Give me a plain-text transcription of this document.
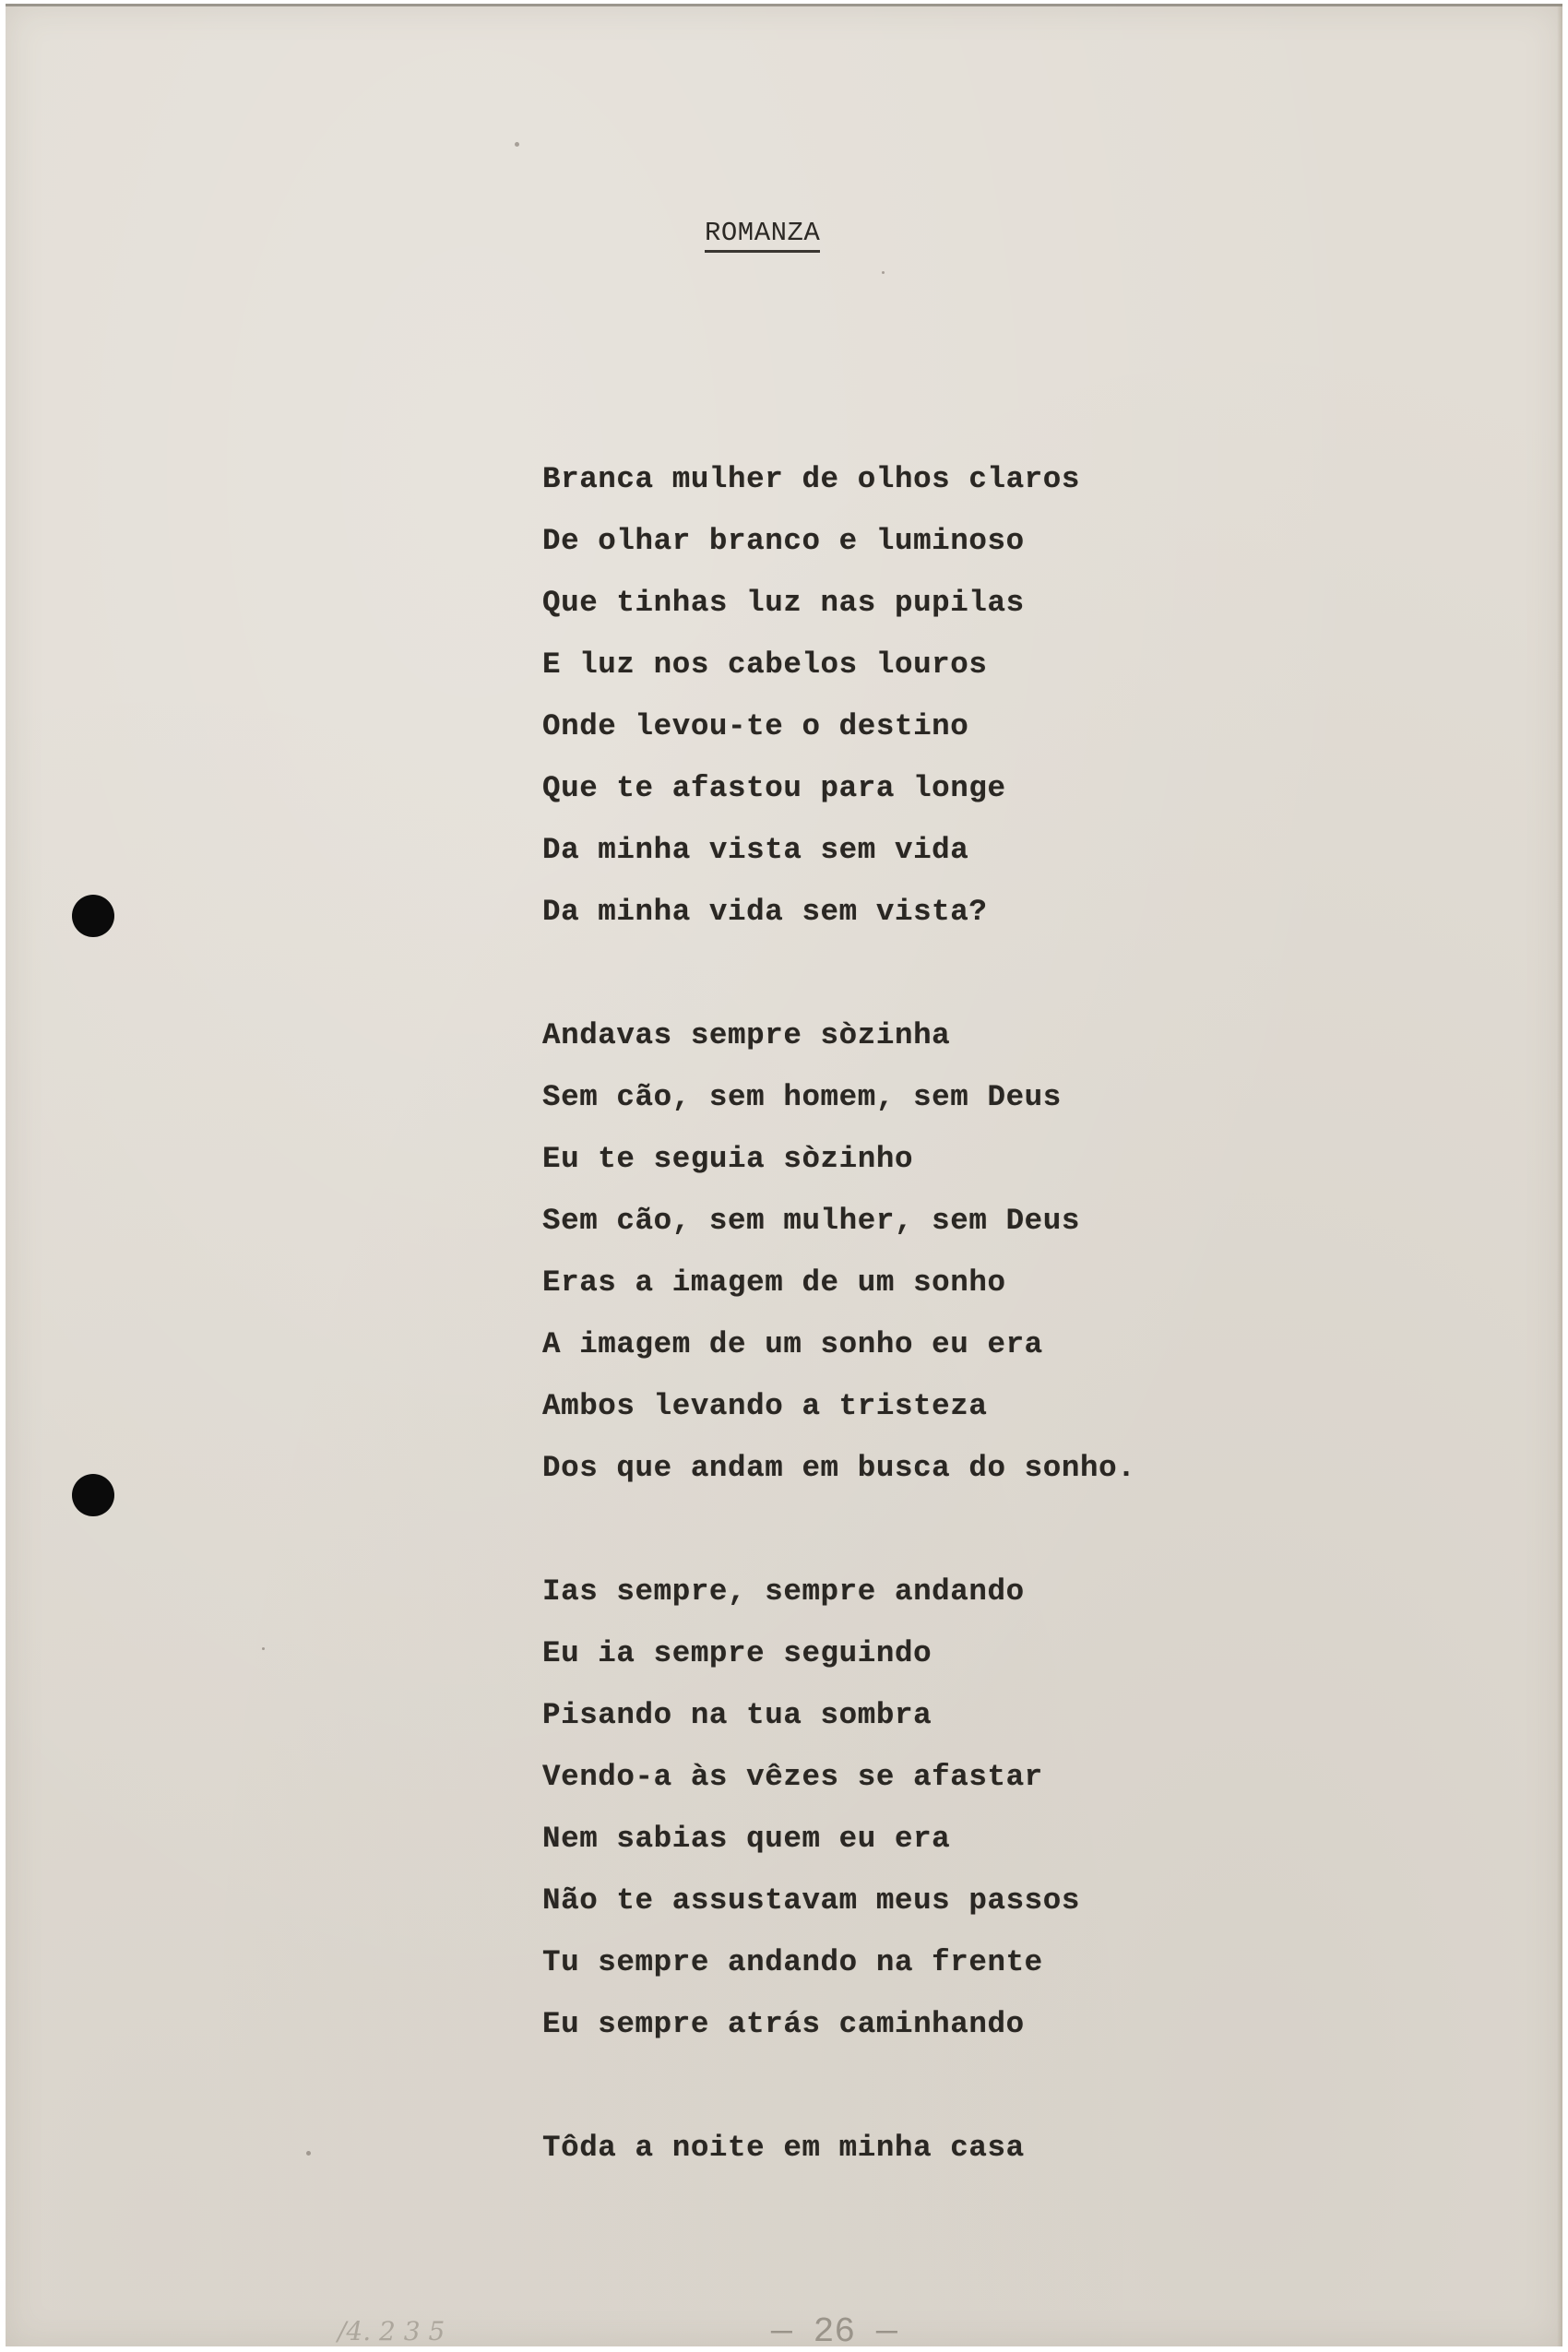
ROMANZA
Branca mulher de olhos claros
De olhar branco e luminoso
Que tinhas luz nas pupilas
E luz nos cabelos louros
Onde levou-te o destino
Que te afastou para longe
Da minha vista sem vida
Da minha vida sem vista?
Andavas sempre sòzinha
Sem cão, sem homem, sem Deus
Eu te seguia sòzinho
Sem cão, sem mulher, sem Deus
Eras a imagem de um sonho
A imagem de um sonho eu era
Ambos levando a tristeza
Dos que andam em busca do sonho.
Ias sempre, sempre andando
Eu ia sempre seguindo
Pisando na tua sombra
Vendo-a às vêzes se afastar
Nem sabias quem eu era
Não te assustavam meus passos
Tu sempre andando na frente
Eu sempre atrás caminhando
Tôda a noite em minha casa
/4. 2 3 5	— 26 —
